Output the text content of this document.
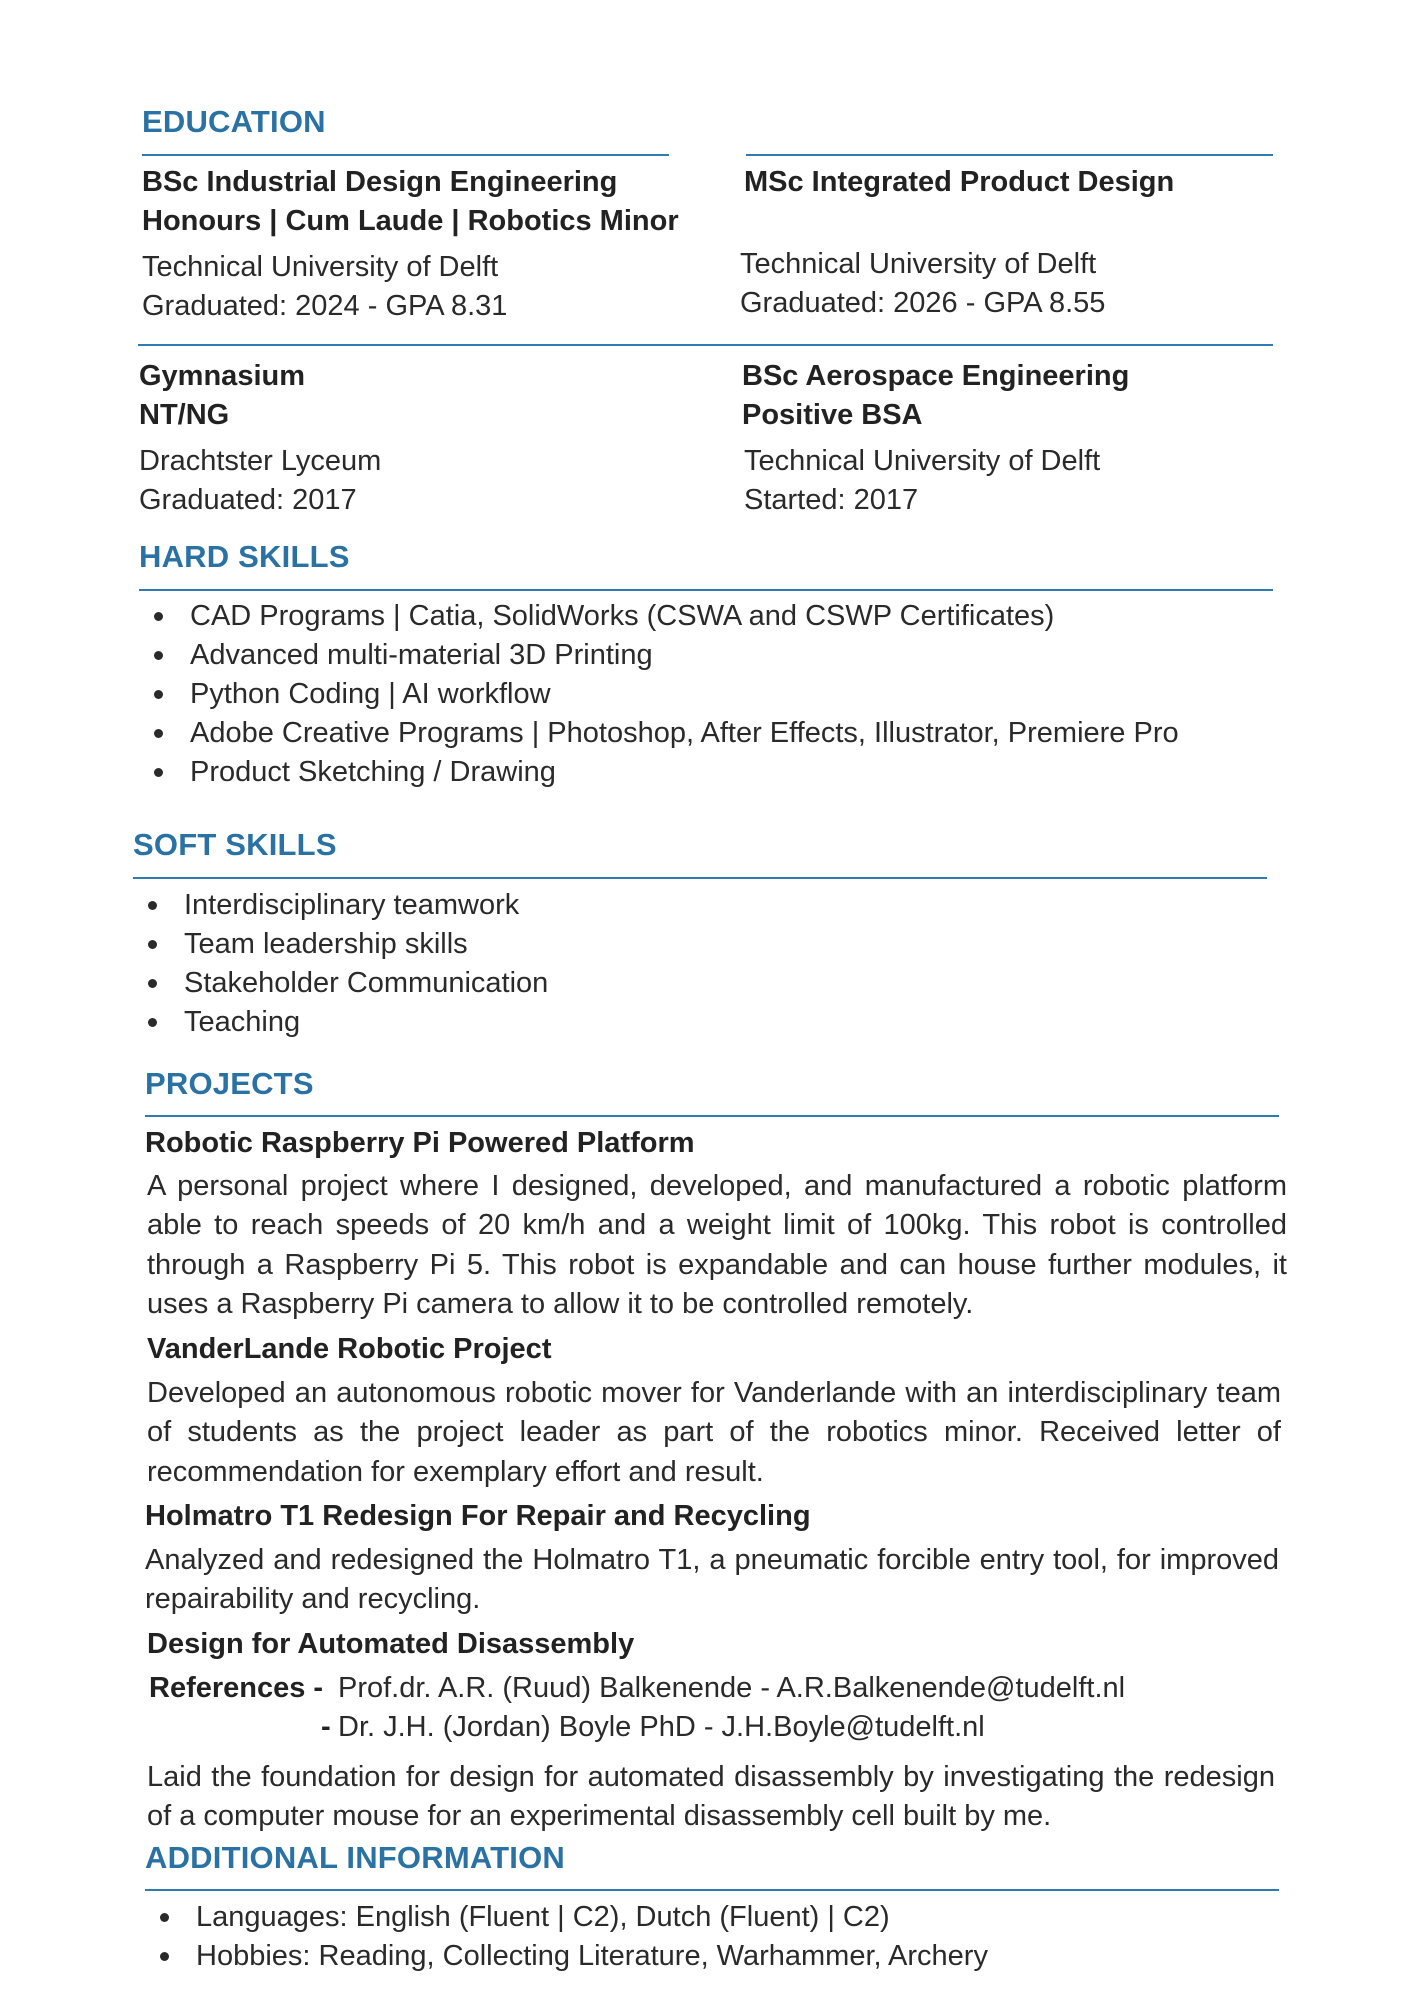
EDUCATION
BSc Industrial Design Engineering
Honours | Cum Laude | Robotics Minor
Technical University of Delft
Graduated: 2024 - GPA 8.31
MSc Integrated Product Design
Technical University of Delft
Graduated: 2026 - GPA 8.55
Gymnasium
NT/NG
Drachtster Lyceum
Graduated: 2017
BSc Aerospace Engineering
Positive BSA
Technical University of Delft
Started: 2017
HARD SKILLS
CAD Programs | Catia, SolidWorks (CSWA and CSWP Certificates)
Advanced multi-material 3D Printing
Python Coding | AI workflow
Adobe Creative Programs | Photoshop, After Effects, Illustrator, Premiere Pro
Product Sketching / Drawing
SOFT SKILLS
Interdisciplinary teamwork
Team leadership skills
Stakeholder Communication
Teaching
PROJECTS
Robotic Raspberry Pi Powered Platform
A personal project where I designed, developed, and manufactured a robotic platform able to reach speeds of 20 km/h and a weight limit of 100kg. This robot is controlled through a Raspberry Pi 5. This robot is expandable and can house further modules, it uses a Raspberry Pi camera to allow it to be controlled remotely.
VanderLande Robotic Project
Developed an autonomous robotic mover for Vanderlande with an interdisciplinary team of students as the project leader as part of the robotics minor. Received letter of recommendation for exemplary effort and result.
Holmatro T1 Redesign For Repair and Recycling
Analyzed and redesigned the Holmatro T1, a pneumatic forcible entry tool, for improved repairability and recycling.
Design for Automated Disassembly
References - Prof.dr. A.R. (Ruud) Balkenende - A.R.Balkenende@tudelft.nl
- Dr. J.H. (Jordan) Boyle PhD - J.H.Boyle@tudelft.nl
Laid the foundation for design for automated disassembly by investigating the redesign of a computer mouse for an experimental disassembly cell built by me.
ADDITIONAL INFORMATION
Languages: English (Fluent | C2), Dutch (Fluent) | C2)
Hobbies: Reading, Collecting Literature, Warhammer, Archery
